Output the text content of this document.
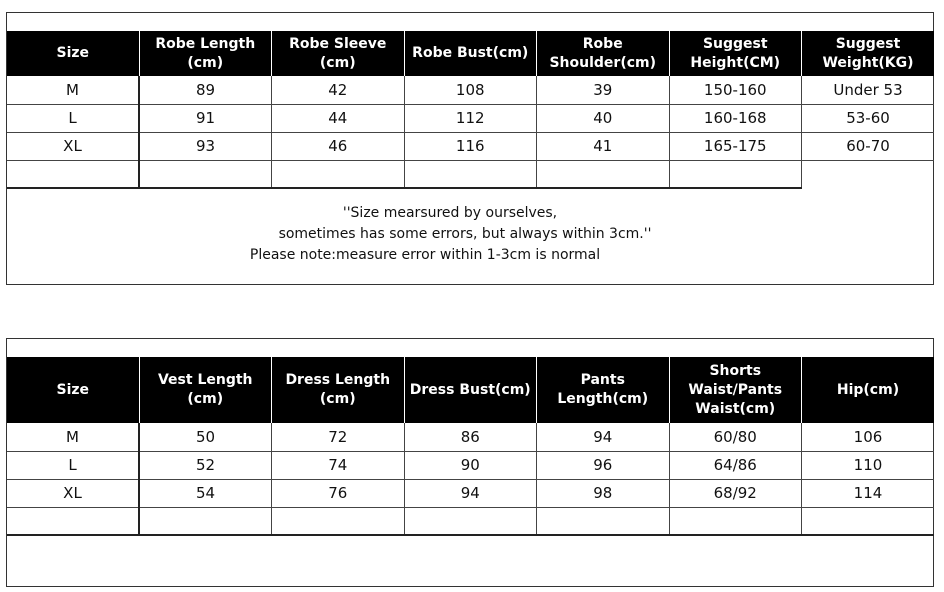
Size	Robe Length (cm)	Robe Sleeve (cm)	Robe Bust(cm)	Robe Shoulder(cm)	Suggest Height(CM)	Suggest Weight(KG)
M	89	42	108	39	150-160	Under 53
L	91	44	112	40	160-168	53-60
XL	93	46	116	41	165-175	60-70

''Size mearsured by ourselves,
sometimes has some errors, but always within 3cm.''
Please note:measure error within 1-3cm is normal
Size	Vest Length (cm)	Dress Length (cm)	Dress Bust(cm)	Pants Length(cm)	Shorts Waist/Pants Waist(cm)	Hip(cm)
M	50	72	86	94	60/80	106
L	52	74	90	96	64/86	110
XL	54	76	94	98	68/92	114
